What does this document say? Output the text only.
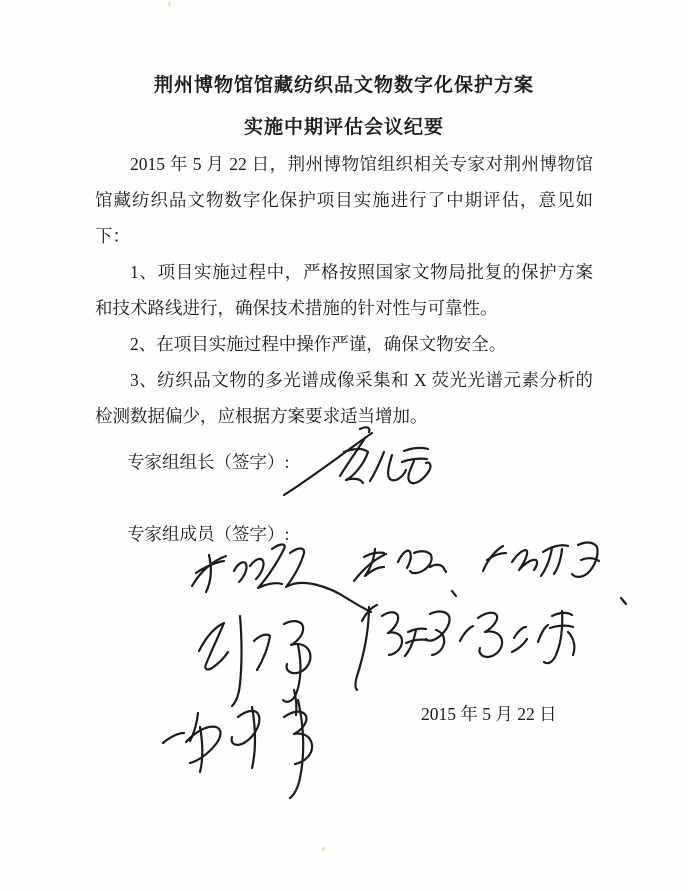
荆州博物馆馆藏纺织品文物数字化保护方案
实施中期评估会议纪要

2015 年 5 月 22 日，荆州博物馆组织相关专家对荆州博物馆馆藏纺织品文物数字化保护项目实施进行了中期评估，意见如下：

1、项目实施过程中，严格按照国家文物局批复的保护方案和技术路线进行，确保技术措施的针对性与可靠性。

2、在项目实施过程中操作严谨，确保文物安全。

3、纺织品文物的多光谱成像采集和 X 荧光光谱元素分析的检测数据偏少，应根据方案要求适当增加。

专家组组长（签字）:
专家组成员（签字）:
2015 年 5 月 22 日
